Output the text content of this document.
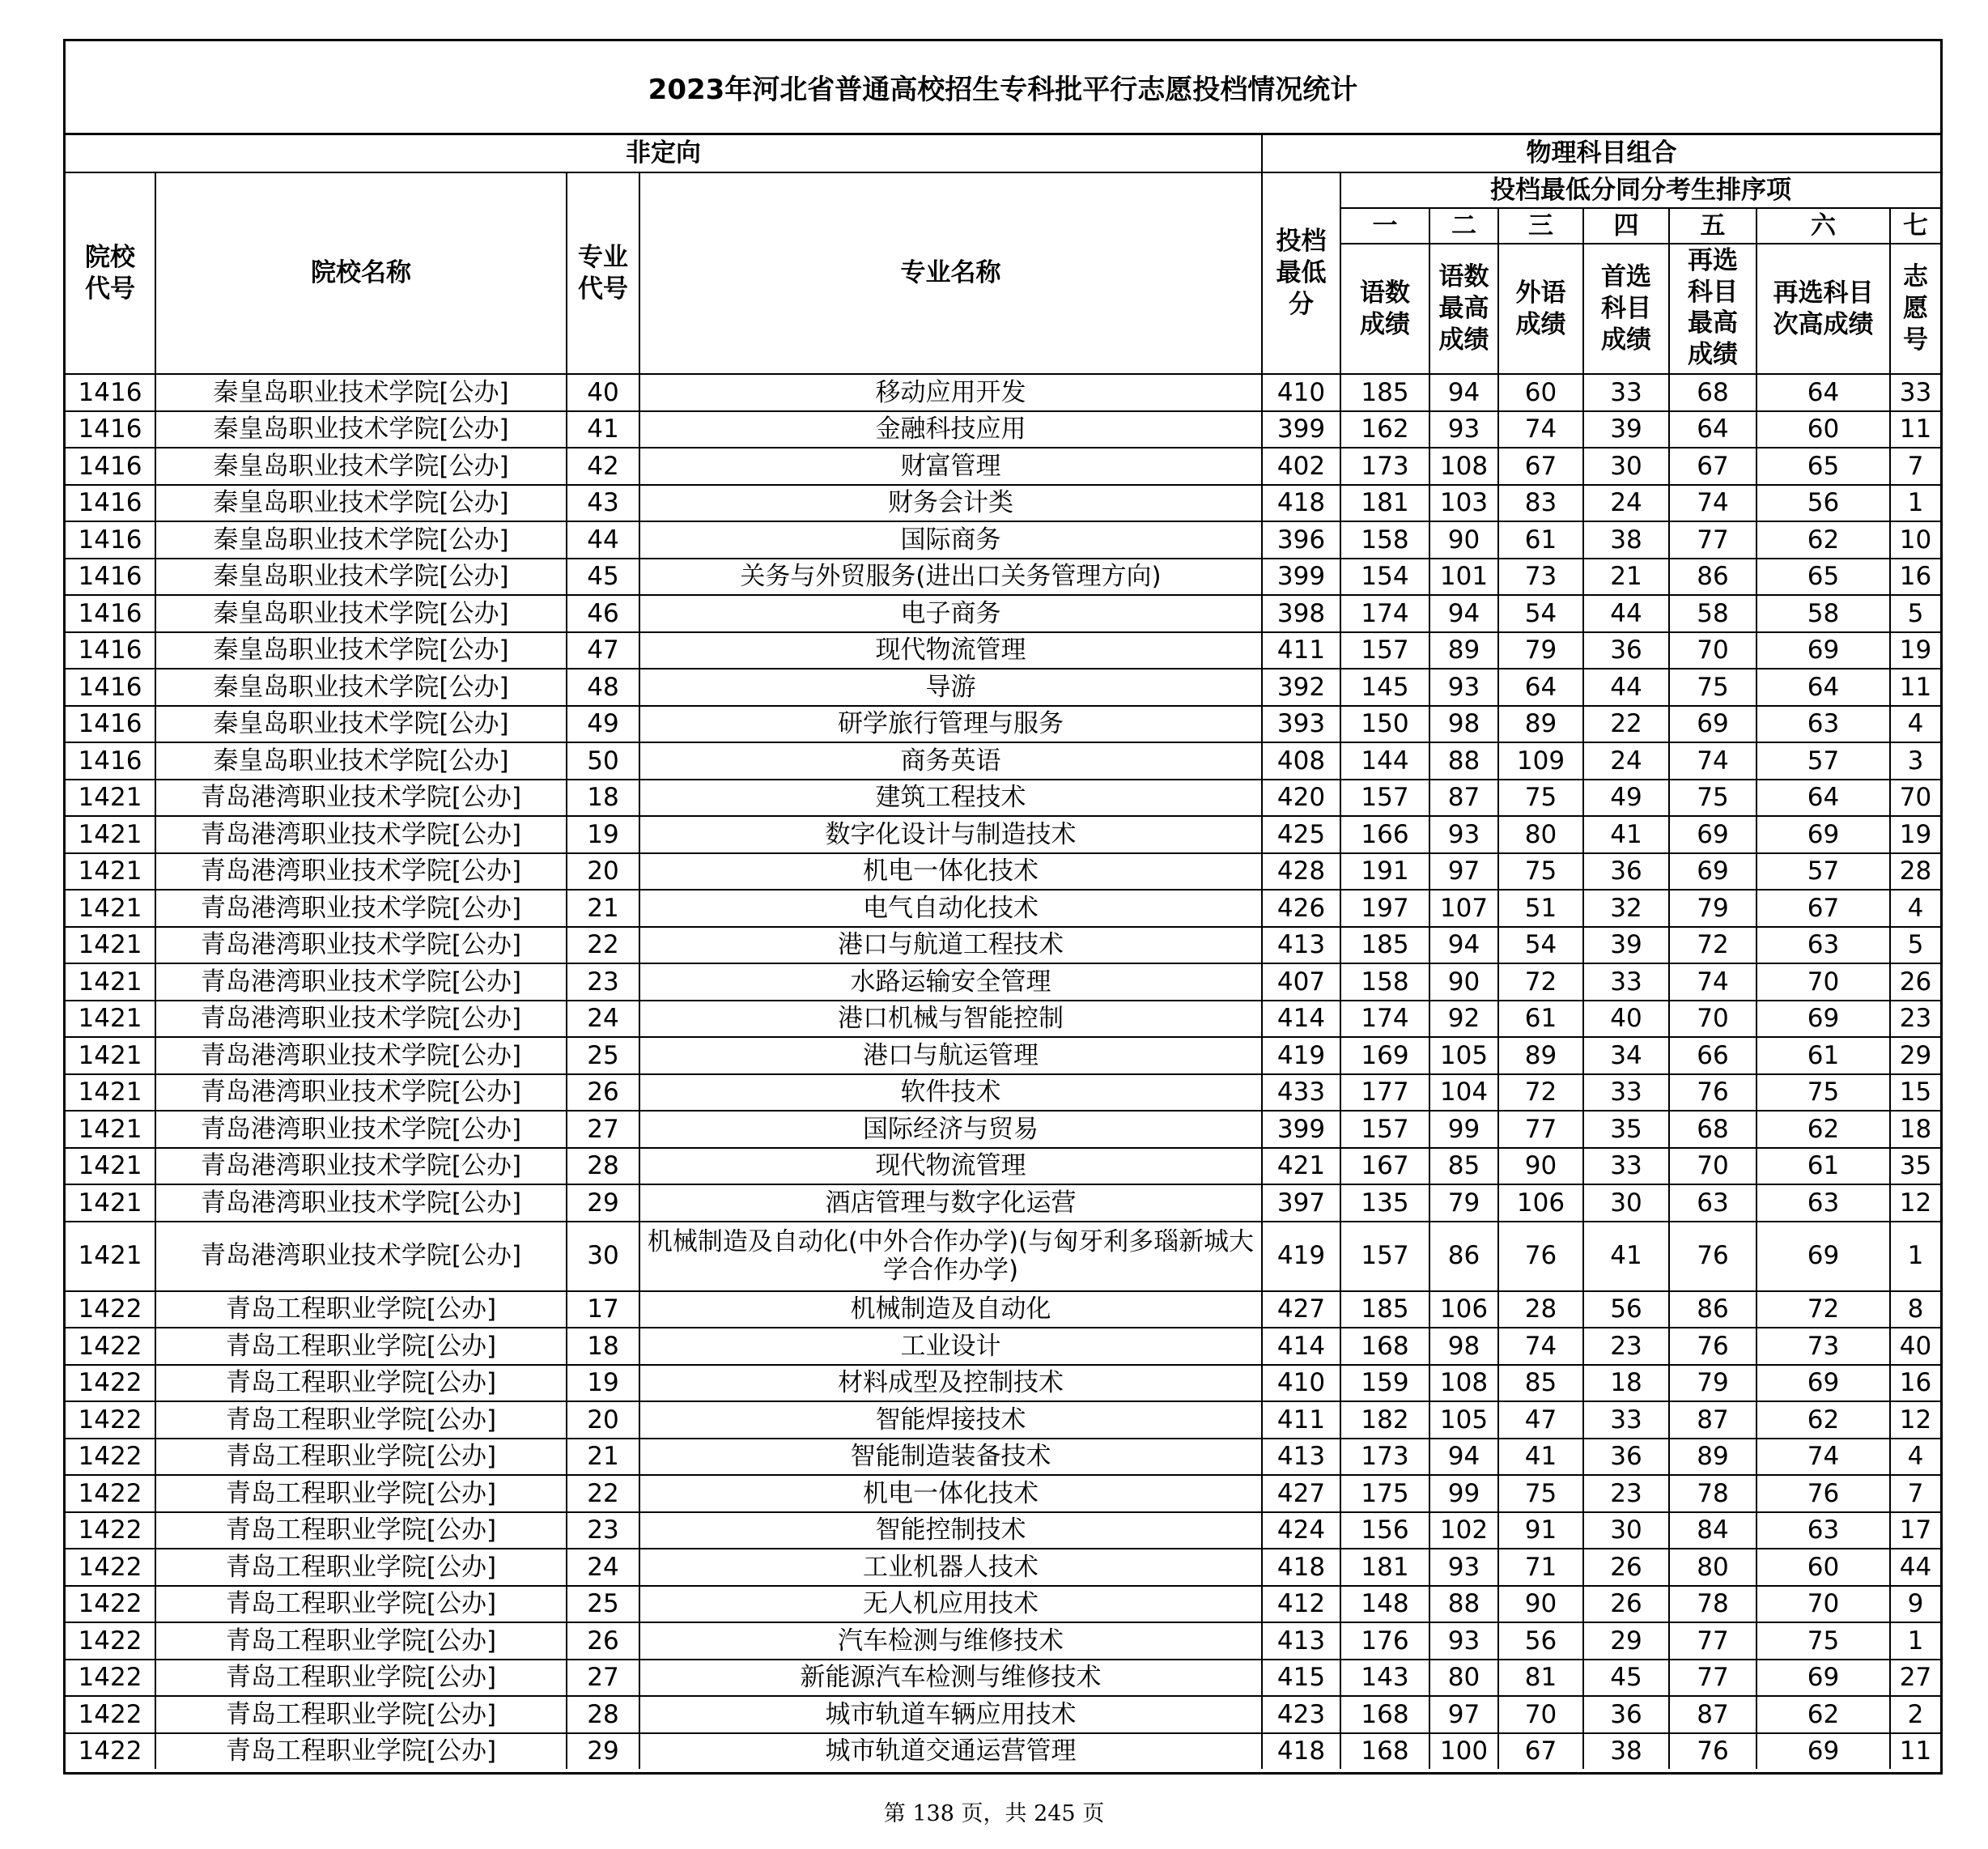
2023年河北省普通高校招生专科批平行志愿投档情况统计
非定向				物理科目组合							
院校代号	院校名称	专业代号	专业名称	投档最低分	投档最低分同分考生排序项						
					一	二	三	四	五	六	七
					语数成绩	语数最高成绩	外语成绩	首选科目成绩	再选科目最高成绩	再选科目次高成绩	志愿号
1416	秦皇岛职业技术学院[公办]	40	移动应用开发	410	185	94	60	33	68	64	33
1416	秦皇岛职业技术学院[公办]	41	金融科技应用	399	162	93	74	39	64	60	11
1416	秦皇岛职业技术学院[公办]	42	财富管理	402	173	108	67	30	67	65	7
1416	秦皇岛职业技术学院[公办]	43	财务会计类	418	181	103	83	24	74	56	1
1416	秦皇岛职业技术学院[公办]	44	国际商务	396	158	90	61	38	77	62	10
1416	秦皇岛职业技术学院[公办]	45	关务与外贸服务(进出口关务管理方向)	399	154	101	73	21	86	65	16
1416	秦皇岛职业技术学院[公办]	46	电子商务	398	174	94	54	44	58	58	5
1416	秦皇岛职业技术学院[公办]	47	现代物流管理	411	157	89	79	36	70	69	19
1416	秦皇岛职业技术学院[公办]	48	导游	392	145	93	64	44	75	64	11
1416	秦皇岛职业技术学院[公办]	49	研学旅行管理与服务	393	150	98	89	22	69	63	4
1416	秦皇岛职业技术学院[公办]	50	商务英语	408	144	88	109	24	74	57	3
1421	青岛港湾职业技术学院[公办]	18	建筑工程技术	420	157	87	75	49	75	64	70
1421	青岛港湾职业技术学院[公办]	19	数字化设计与制造技术	425	166	93	80	41	69	69	19
1421	青岛港湾职业技术学院[公办]	20	机电一体化技术	428	191	97	75	36	69	57	28
1421	青岛港湾职业技术学院[公办]	21	电气自动化技术	426	197	107	51	32	79	67	4
1421	青岛港湾职业技术学院[公办]	22	港口与航道工程技术	413	185	94	54	39	72	63	5
1421	青岛港湾职业技术学院[公办]	23	水路运输安全管理	407	158	90	72	33	74	70	26
1421	青岛港湾职业技术学院[公办]	24	港口机械与智能控制	414	174	92	61	40	70	69	23
1421	青岛港湾职业技术学院[公办]	25	港口与航运管理	419	169	105	89	34	66	61	29
1421	青岛港湾职业技术学院[公办]	26	软件技术	433	177	104	72	33	76	75	15
1421	青岛港湾职业技术学院[公办]	27	国际经济与贸易	399	157	99	77	35	68	62	18
1421	青岛港湾职业技术学院[公办]	28	现代物流管理	421	167	85	90	33	70	61	35
1421	青岛港湾职业技术学院[公办]	29	酒店管理与数字化运营	397	135	79	106	30	63	63	12
1421	青岛港湾职业技术学院[公办]	30	机械制造及自动化(中外合作办学)(与匈牙利多瑙新城大学合作办学)	419	157	86	76	41	76	69	1
1422	青岛工程职业学院[公办]	17	机械制造及自动化	427	185	106	28	56	86	72	8
1422	青岛工程职业学院[公办]	18	工业设计	414	168	98	74	23	76	73	40
1422	青岛工程职业学院[公办]	19	材料成型及控制技术	410	159	108	85	18	79	69	16
1422	青岛工程职业学院[公办]	20	智能焊接技术	411	182	105	47	33	87	62	12
1422	青岛工程职业学院[公办]	21	智能制造装备技术	413	173	94	41	36	89	74	4
1422	青岛工程职业学院[公办]	22	机电一体化技术	427	175	99	75	23	78	76	7
1422	青岛工程职业学院[公办]	23	智能控制技术	424	156	102	91	30	84	63	17
1422	青岛工程职业学院[公办]	24	工业机器人技术	418	181	93	71	26	80	60	44
1422	青岛工程职业学院[公办]	25	无人机应用技术	412	148	88	90	26	78	70	9
1422	青岛工程职业学院[公办]	26	汽车检测与维修技术	413	176	93	56	29	77	75	1
1422	青岛工程职业学院[公办]	27	新能源汽车检测与维修技术	415	143	80	81	45	77	69	27
1422	青岛工程职业学院[公办]	28	城市轨道车辆应用技术	423	168	97	70	36	87	62	2
1422	青岛工程职业学院[公办]	29	城市轨道交通运营管理	418	168	100	67	38	76	69	11
第 138 页，共 245 页
